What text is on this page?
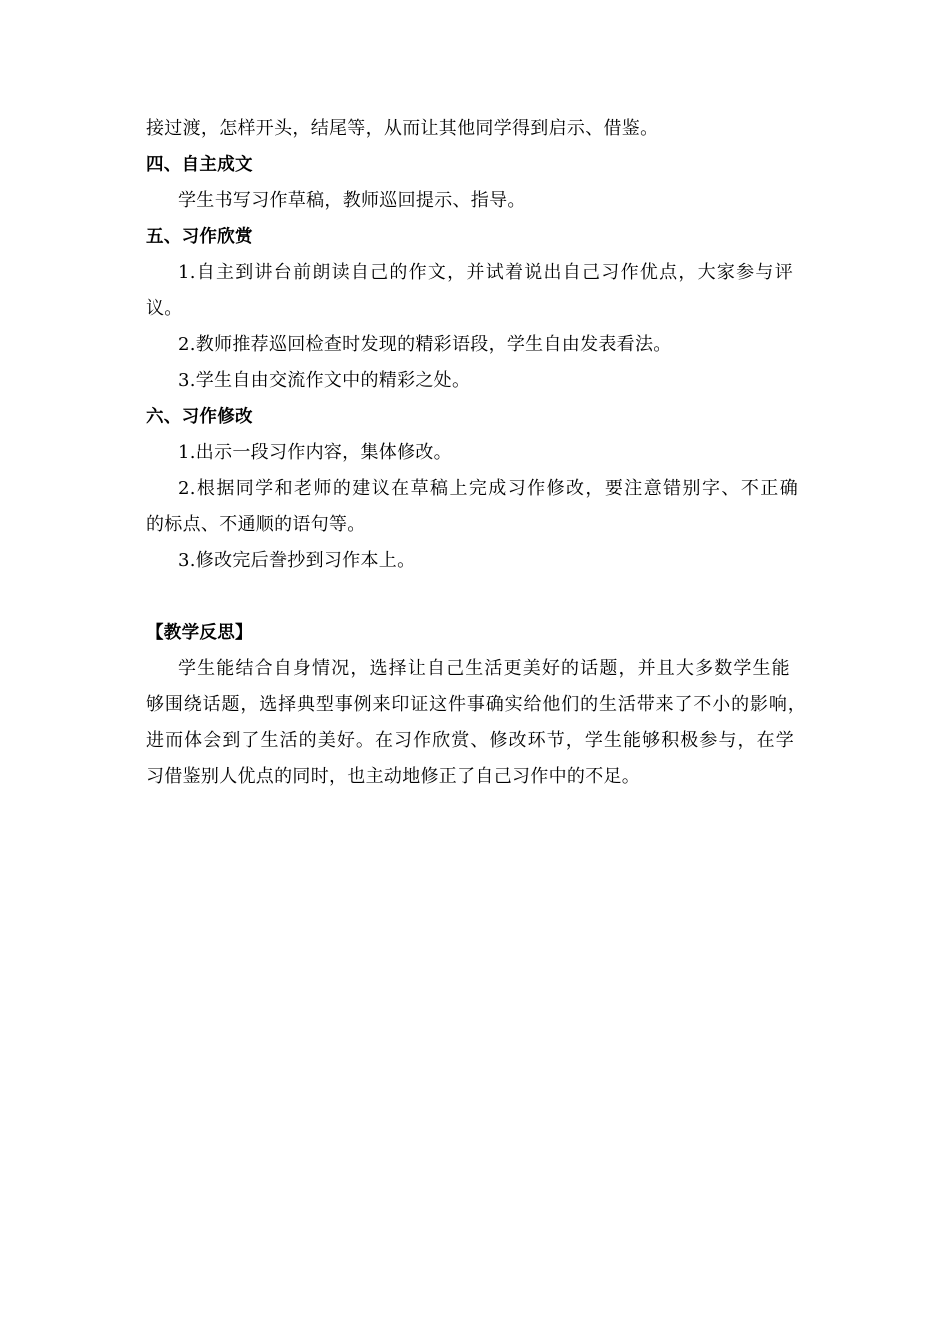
接过渡，怎样开头，结尾等，从而让其他同学得到启示、借鉴。
四、自主成文
学生书写习作草稿，教师巡回提示、指导。
五、习作欣赏
1.自主到讲台前朗读自己的作文，并试着说出自己习作优点，大家参与评
议。
2.教师推荐巡回检查时发现的精彩语段，学生自由发表看法。
3.学生自由交流作文中的精彩之处。
六、习作修改
1.出示一段习作内容，集体修改。
2.根据同学和老师的建议在草稿上完成习作修改，要注意错别字、不正确
的标点、不通顺的语句等。
3.修改完后誊抄到习作本上。
【教学反思】
学生能结合自身情况，选择让自己生活更美好的话题，并且大多数学生能
够围绕话题，选择典型事例来印证这件事确实给他们的生活带来了不小的影响，
进而体会到了生活的美好。在习作欣赏、修改环节，学生能够积极参与，在学
习借鉴别人优点的同时，也主动地修正了自己习作中的不足。
